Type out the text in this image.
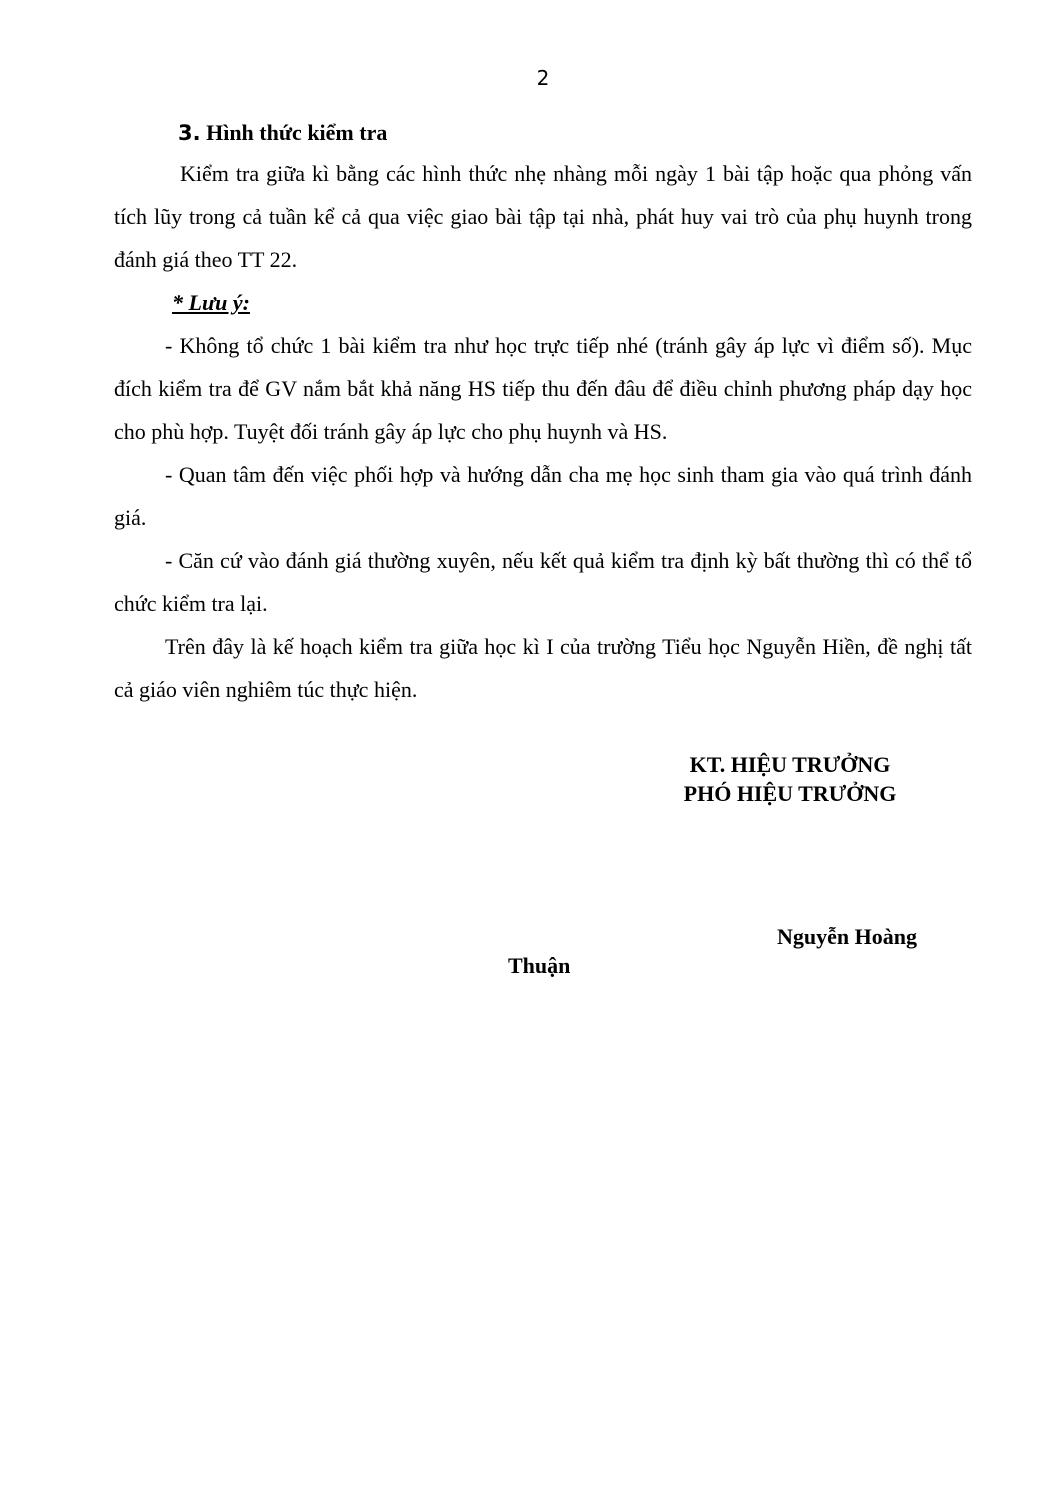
2
3. Hình thức kiểm tra

Kiểm tra giữa kì bằng các hình thức nhẹ nhàng mỗi ngày 1 bài tập hoặc qua phỏng vấn tích lũy trong cả tuần kể cả qua việc giao bài tập tại nhà, phát huy vai trò của phụ huynh trong đánh giá theo TT 22.

* Lưu ý:

- Không tổ chức 1 bài kiểm tra như học trực tiếp nhé (tránh gây áp lực vì điểm số). Mục đích kiểm tra để GV nắm bắt khả năng HS tiếp thu đến đâu để điều chỉnh phương pháp dạy học cho phù hợp. Tuyệt đối tránh gây áp lực cho phụ huynh và HS.

- Quan tâm đến việc phối hợp và hướng dẫn cha mẹ học sinh tham gia vào quá trình đánh giá.

- Căn cứ vào đánh giá thường xuyên, nếu kết quả kiểm tra định kỳ bất thường thì có thể tổ chức kiểm tra lại.

Trên đây là kế hoạch kiểm tra giữa học kì I của trường Tiểu học Nguyễn Hiền, đề nghị tất cả giáo viên nghiêm túc thực hiện.

KT. HIỆU TRƯỞNG
PHÓ HIỆU TRƯỞNG
Nguyễn Hoàng
Thuận
